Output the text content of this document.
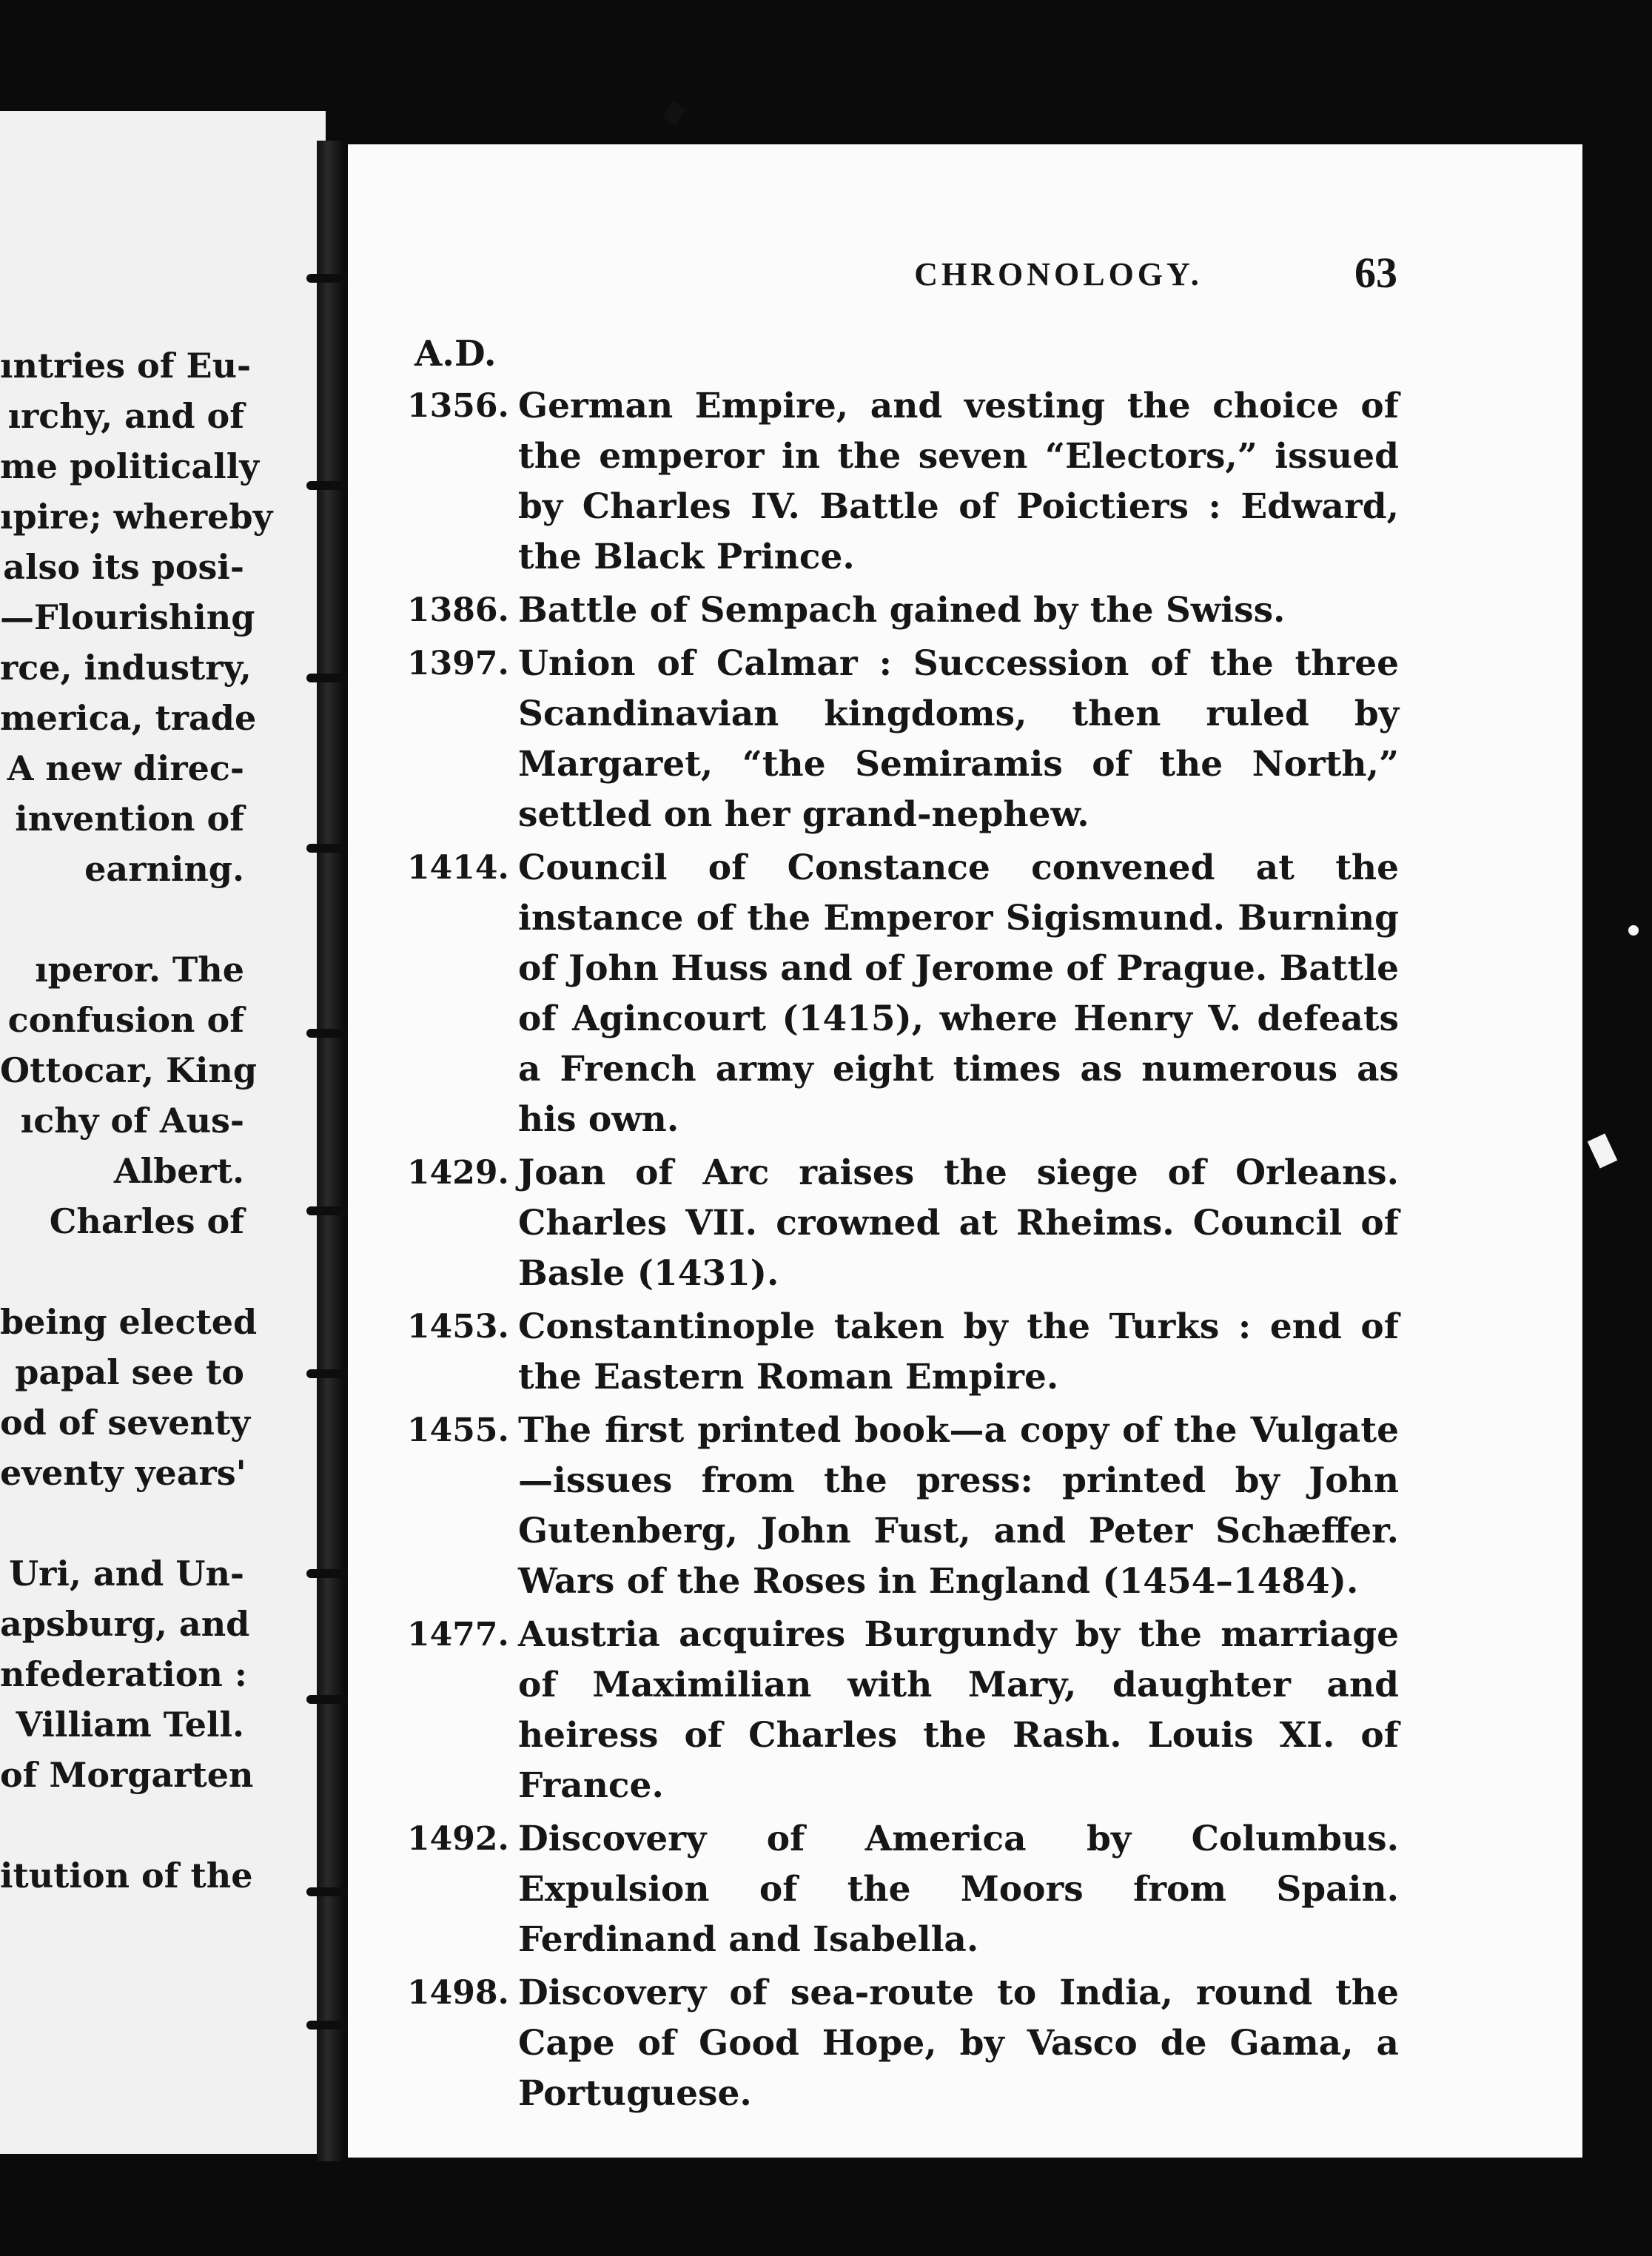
ıntries of Eu-
ırchy, and of
me politically
ıpire; whereby
also its posi-
—Flourishing
rce, industry,
merica, trade
A new direc-
invention of
earning.
ıperor. The
confusion of
Ottocar, King
ıchy of Aus-
Albert.
Charles of
being elected
papal see to
od of seventy
eventy years'
Uri, and Un-
apsburg, and
nfederation :
Villiam Tell.
of Morgarten
itution of the
CHRONOLOGY.	63
A.D.
1356. German Empire, and vesting the choice of the emperor in the seven “Electors,” issued by Charles IV. Battle of Poictiers : Edward, the Black Prince.

1386. Battle of Sempach gained by the Swiss.

1397. Union of Calmar : Succession of the three Scandinavian kingdoms, then ruled by Margaret, “the Semiramis of the North,” settled on her grand-nephew.

1414. Council of Constance convened at the instance of the Emperor Sigismund. Burning of John Huss and of Jerome of Prague. Battle of Agincourt (1415), where Henry V. defeats a French army eight times as numerous as his own.

1429. Joan of Arc raises the siege of Orleans. Charles VII. crowned at Rheims. Council of Basle (1431).

1453. Constantinople taken by the Turks : end of the Eastern Roman Empire.

1455. The first printed book—a copy of the Vulgate—issues from the press: printed by John Gutenberg, John Fust, and Peter Schæffer. Wars of the Roses in England (1454–1484).

1477. Austria acquires Burgundy by the marriage of Maximilian with Mary, daughter and heiress of Charles the Rash. Louis XI. of France.

1492. Discovery of America by Columbus. Expulsion of the Moors from Spain. Ferdinand and Isabella.

1498. Discovery of sea-route to India, round the Cape of Good Hope, by Vasco de Gama, a Portuguese.
